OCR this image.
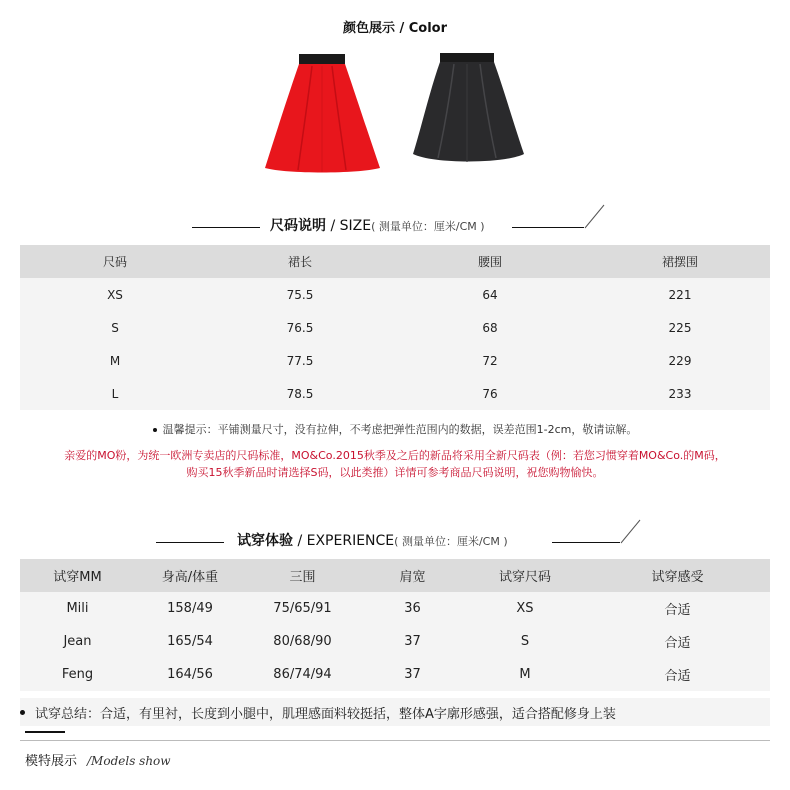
颜色展示 / Color
尺码说明 / SIZE( 测量单位：厘米/CM )
尺码	裙长	腰围	裙摆围
XS	75.5	64	221
S	76.5	68	225
M	77.5	72	229
L	78.5	76	233
温馨提示：平铺测量尺寸，没有拉伸，不考虑把弹性范围内的数据，误差范围1-2cm，敬请谅解。
亲爱的MO粉，为统一欧洲专卖店的尺码标准，MO&Co.2015秋季及之后的新品将采用全新尺码表（例：若您习惯穿着MO&Co.的M码，
购买15秋季新品时请选择S码，以此类推）详情可参考商品尺码说明，祝您购物愉快。
试穿体验 / EXPERIENCE( 测量单位：厘米/CM )
试穿MM	身高/体重	三围	肩宽	试穿尺码	试穿感受
Mili	158/49	75/65/91	36	XS	合适
Jean	165/54	80/68/90	37	S	合适
Feng	164/56	86/74/94	37	M	合适
试穿总结：合适，有里衬，长度到小腿中，肌理感面料较挺括，整体A字廓形感强，适合搭配修身上装
模特展示 /Models show
